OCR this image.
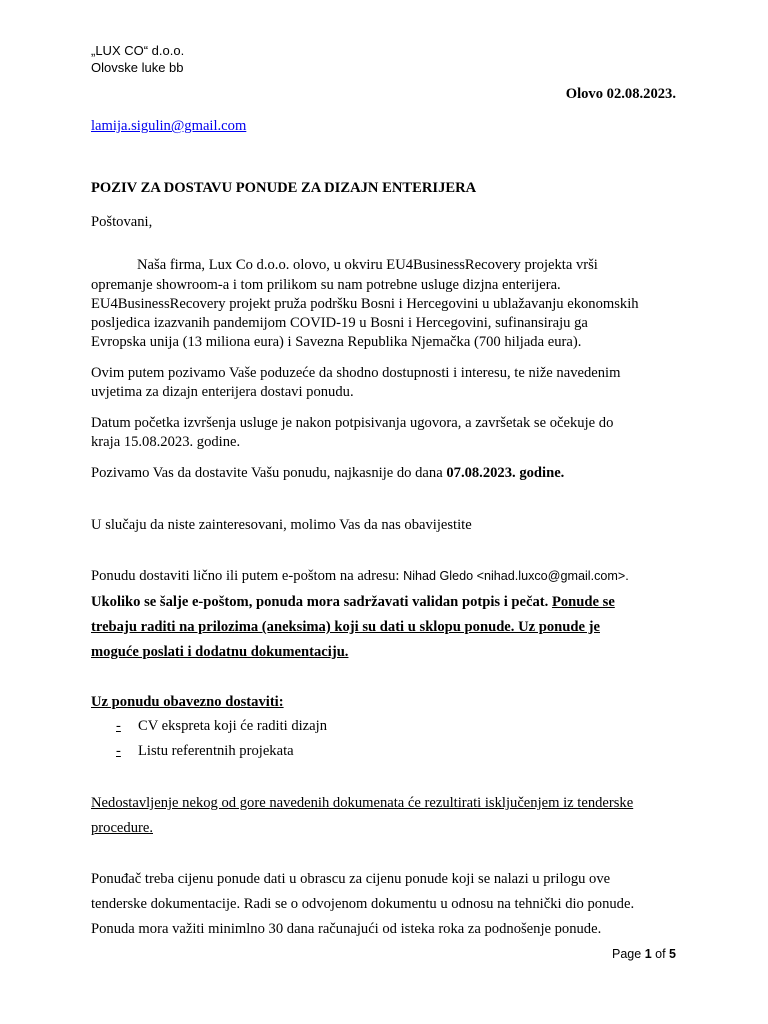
„LUX CO“ d.o.o.
Olovske luke bb
Olovo 02.08.2023.
lamija.sigulin@gmail.com
POZIV ZA DOSTAVU PONUDE ZA DIZAJN ENTERIJERA
Poštovani,
Naša firma, Lux Co d.o.o. olovo, u okviru EU4BusinessRecovery projekta vrši
opremanje showroom-a i tom prilikom su nam potrebne usluge dizjna enterijera.
EU4BusinessRecovery projekt pruža podršku Bosni i Hercegovini u ublažavanju ekonomskih
posljedica izazvanih pandemijom COVID-19 u Bosni i Hercegovini, sufinansiraju ga
Evropska unija (13 miliona eura) i Savezna Republika Njemačka (700 hiljada eura).
Ovim putem pozivamo Vaše poduzeće da shodno dostupnosti i interesu, te niže navedenim
uvjetima za dizajn enterijera dostavi ponudu.
Datum početka izvršenja usluge je nakon potpisivanja ugovora, a završetak se očekuje do
kraja 15.08.2023. godine.
Pozivamo Vas da dostavite Vašu ponudu, najkasnije do dana 07.08.2023. godine.
U slučaju da niste zainteresovani, molimo Vas da nas obavijestite
Ponudu dostaviti lično ili putem e-poštom na adresu: Nihad Gledo <nihad.luxco@gmail.com>.
Ukoliko se šalje e-poštom, ponuda mora sadržavati validan potpis i pečat. Ponude se
trebaju raditi na prilozima (aneksima) koji su dati u sklopu ponude. Uz ponude je
moguće poslati i dodatnu dokumentaciju.
Uz ponudu obavezno dostaviti:
- CV ekspreta koji će raditi dizajn
- Listu referentnih projekata
Nedostavljenje nekog od gore navedenih dokumenata će rezultirati isključenjem iz tenderske
procedure.
Ponuđač treba cijenu ponude dati u obrascu za cijenu ponude koji se nalazi u prilogu ove
tenderske dokumentacije. Radi se o odvojenom dokumentu u odnosu na tehnički dio ponude.
Ponuda mora važiti minimlno 30 dana računajući od isteka roka za podnošenje ponude.
Page 1 of 5
